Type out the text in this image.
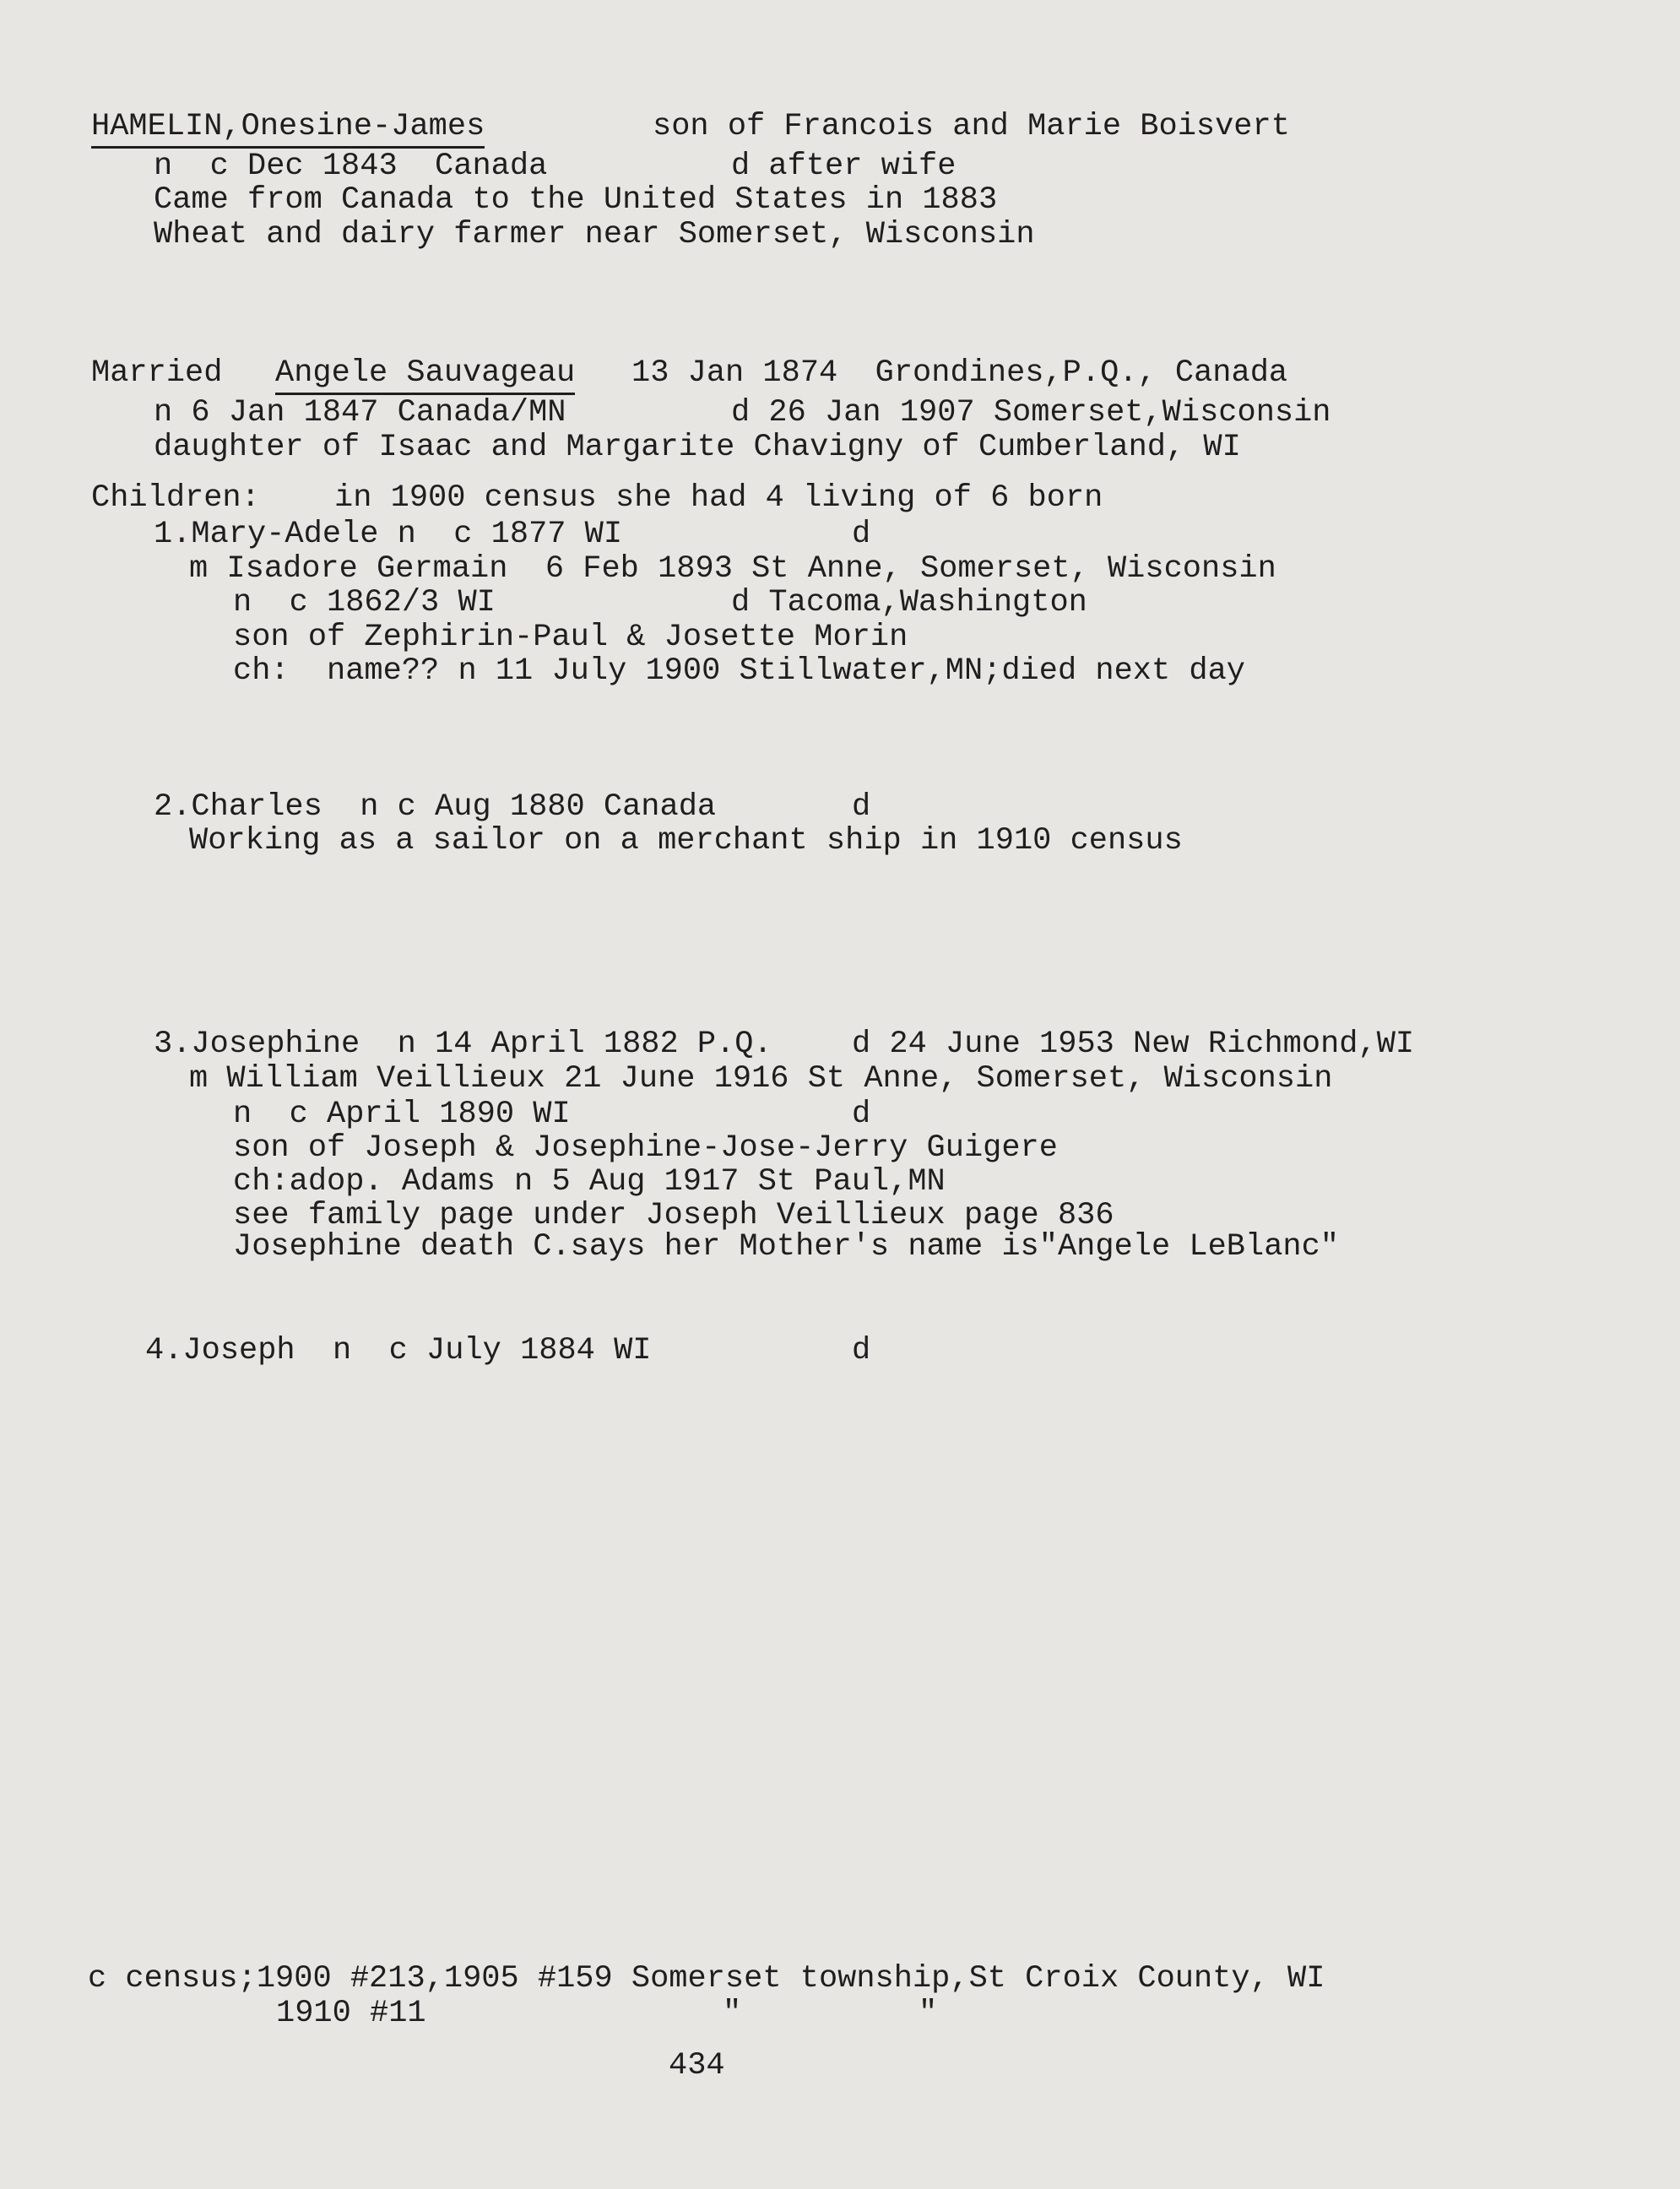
HAMELIN,Onesine-James	son of Francois and Marie Boisvert
n  c Dec 1843  Canada	d after wife
Came from Canada to the United States in 1883
Wheat and dairy farmer near Somerset, Wisconsin
Married Angele Sauvageau 13 Jan 1874  Grondines,P.Q., Canada
n 6 Jan 1847 Canada/MN	d 26 Jan 1907 Somerset,Wisconsin
daughter of Isaac and Margarite Chavigny of Cumberland, WI
Children: in 1900 census she had 4 living of 6 born
1.Mary-Adele n  c 1877 WI	d
m Isadore Germain  6 Feb 1893 St Anne, Somerset, Wisconsin
n  c 1862/3 WI	d Tacoma,Washington
son of Zephirin-Paul & Josette Morin
ch:  name?? n 11 July 1900 Stillwater,MN;died next day
2.Charles  n c Aug 1880 Canada	d
Working as a sailor on a merchant ship in 1910 census
3.Josephine  n 14 April 1882 P.Q.	d 24 June 1953 New Richmond,WI
m William Veillieux 21 June 1916 St Anne, Somerset, Wisconsin
n  c April 1890 WI	d
son of Joseph & Josephine-Jose-Jerry Guigere
ch:adop. Adams n 5 Aug 1917 St Paul,MN
see family page under Joseph Veillieux page 836
Josephine death C.says her Mother's name is"Angele LeBlanc"
4.Joseph  n  c July 1884 WI	d
c census;1900 #213,1905 #159 Somerset township,St Croix County, WI
1910 #11	"	"
434
